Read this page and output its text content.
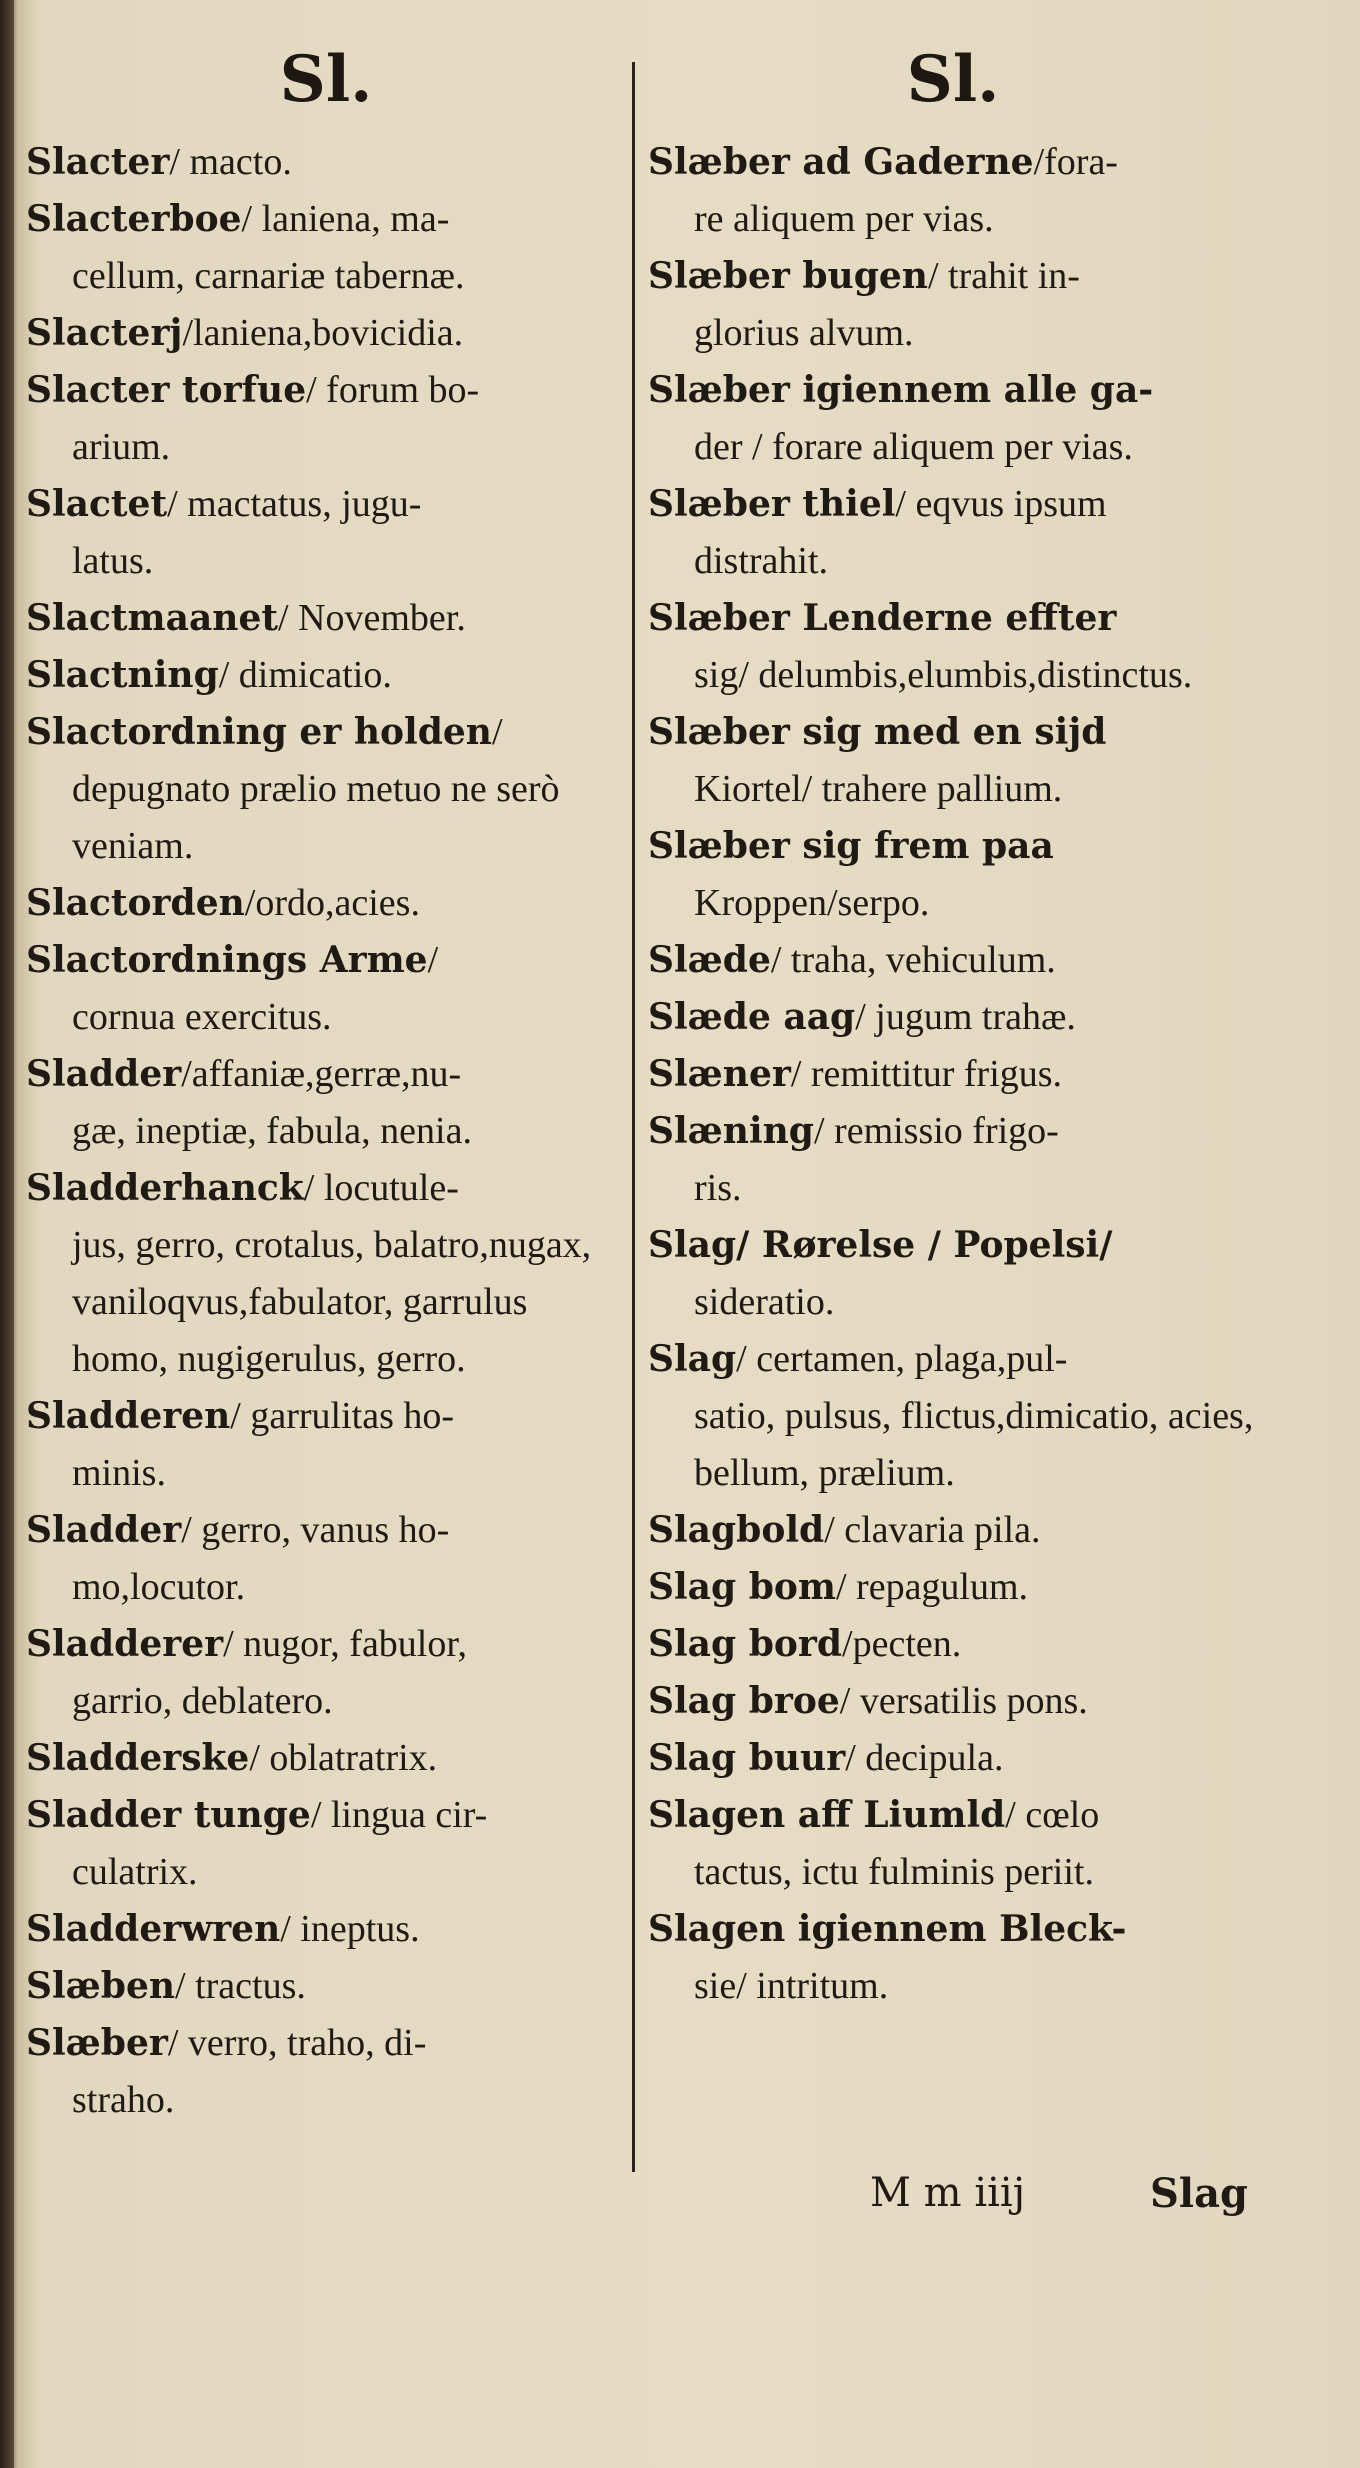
Sl.
Slacter/ macto.
Slacterboe/ laniena, ma-
cellum, carnariæ tabernæ.
Slacterj/laniena,bovicidia.
Slacter torfue/ forum bo-
arium.
Slactet/ mactatus, jugu-
latus.
Slactmaanet/ November.
Slactning/ dimicatio.
Slactordning er holden/
depugnato prælio metuo ne serò veniam.
Slactorden/ordo,acies.
Slactordnings Arme/
cornua exercitus.
Sladder/affaniæ,gerræ,nu-
gæ, ineptiæ, fabula, nenia.
Sladderhanck/ locutule-
jus, gerro, crotalus, balatro,nugax, vaniloqvus,fabulator, garrulus homo, nugigerulus, gerro.
Sladderen/ garrulitas ho-
minis.
Sladder/ gerro, vanus ho-
mo,locutor.
Sladderer/ nugor, fabulor,
garrio, deblatero.
Sladderske/ oblatratrix.
Sladder tunge/ lingua cir-
culatrix.
Sladderwren/ ineptus.
Slæben/ tractus.
Slæber/ verro, traho, di-
straho.
Sl.
Slæber ad Gaderne/fora-
re aliquem per vias.
Slæber bugen/ trahit in-
glorius alvum.
Slæber igiennem alle ga-
der / forare aliquem per vias.
Slæber thiel/ eqvus ipsum
distrahit.
Slæber Lenderne effter
sig/ delumbis,elumbis,distinctus.
Slæber sig med en sijd
Kiortel/ trahere pallium.
Slæber sig frem paa
Kroppen/serpo.
Slæde/ traha, vehiculum.
Slæde aag/ jugum trahæ.
Slæner/ remittitur frigus.
Slæning/ remissio frigo-
ris.
Slag/ Rørelse / Popelsi/
sideratio.
Slag/ certamen, plaga,pul-
satio, pulsus, flictus,dimicatio, acies, bellum, prælium.
Slagbold/ clavaria pila.
Slag bom/ repagulum.
Slag bord/pecten.
Slag broe/ versatilis pons.
Slag buur/ decipula.
Slagen aff Liumld/ cœlo
tactus, ictu fulminis periit.
Slagen igiennem Bleck-
sie/ intritum.
M m iiij	Slag
